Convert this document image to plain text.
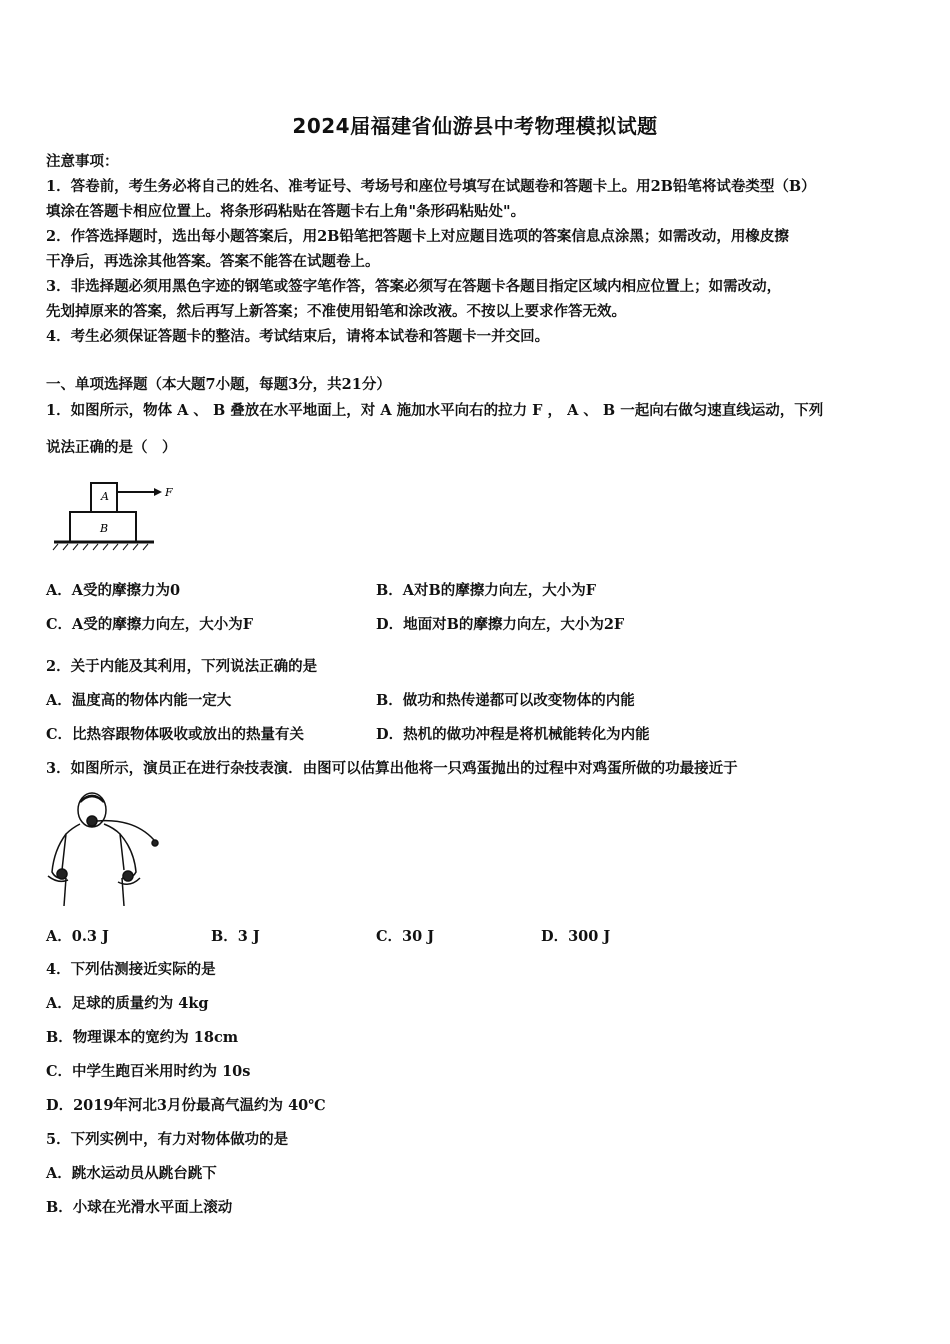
2024届福建省仙游县中考物理模拟试题
注意事项：
1．答卷前，考生务必将自己的姓名、准考证号、考场号和座位号填写在试题卷和答题卡上。用2B铅笔将试卷类型（B）
填涂在答题卡相应位置上。将条形码粘贴在答题卡右上角"条形码粘贴处"。
2．作答选择题时，选出每小题答案后，用2B铅笔把答题卡上对应题目选项的答案信息点涂黑；如需改动，用橡皮擦
干净后，再选涂其他答案。答案不能答在试题卷上。
3．非选择题必须用黑色字迹的钢笔或签字笔作答，答案必须写在答题卡各题目指定区域内相应位置上；如需改动，
先划掉原来的答案，然后再写上新答案；不准使用铅笔和涂改液。不按以上要求作答无效。
4．考生必须保证答题卡的整洁。考试结束后，请将本试卷和答题卡一并交回。
一、单项选择题（本大题7小题，每题3分，共21分）
1．如图所示，物体 A 、 B 叠放在水平地面上，对 A 施加水平向右的拉力 F ， A 、 B 一起向右做匀速直线运动，下列
说法正确的是（　）
A	F
B
A．A受的摩擦力为0	B．A对B的摩擦力向左，大小为F
C．A受的摩擦力向左，大小为F	D．地面对B的摩擦力向左，大小为2F
2．关于内能及其利用，下列说法正确的是
A．温度高的物体内能一定大	B．做功和热传递都可以改变物体的内能
C．比热容跟物体吸收或放出的热量有关	D．热机的做功冲程是将机械能转化为内能
3．如图所示，演员正在进行杂技表演．由图可以估算出他将一只鸡蛋抛出的过程中对鸡蛋所做的功最接近于
A．0.3 J	B．3 J	C．30 J	D．300 J
4．下列估测接近实际的是
A．足球的质量约为 4kg
B．物理课本的宽约为 18cm
C．中学生跑百米用时约为 10s
D．2019年河北3月份最高气温约为 40℃
5．下列实例中，有力对物体做功的是
A．跳水运动员从跳台跳下
B．小球在光滑水平面上滚动
